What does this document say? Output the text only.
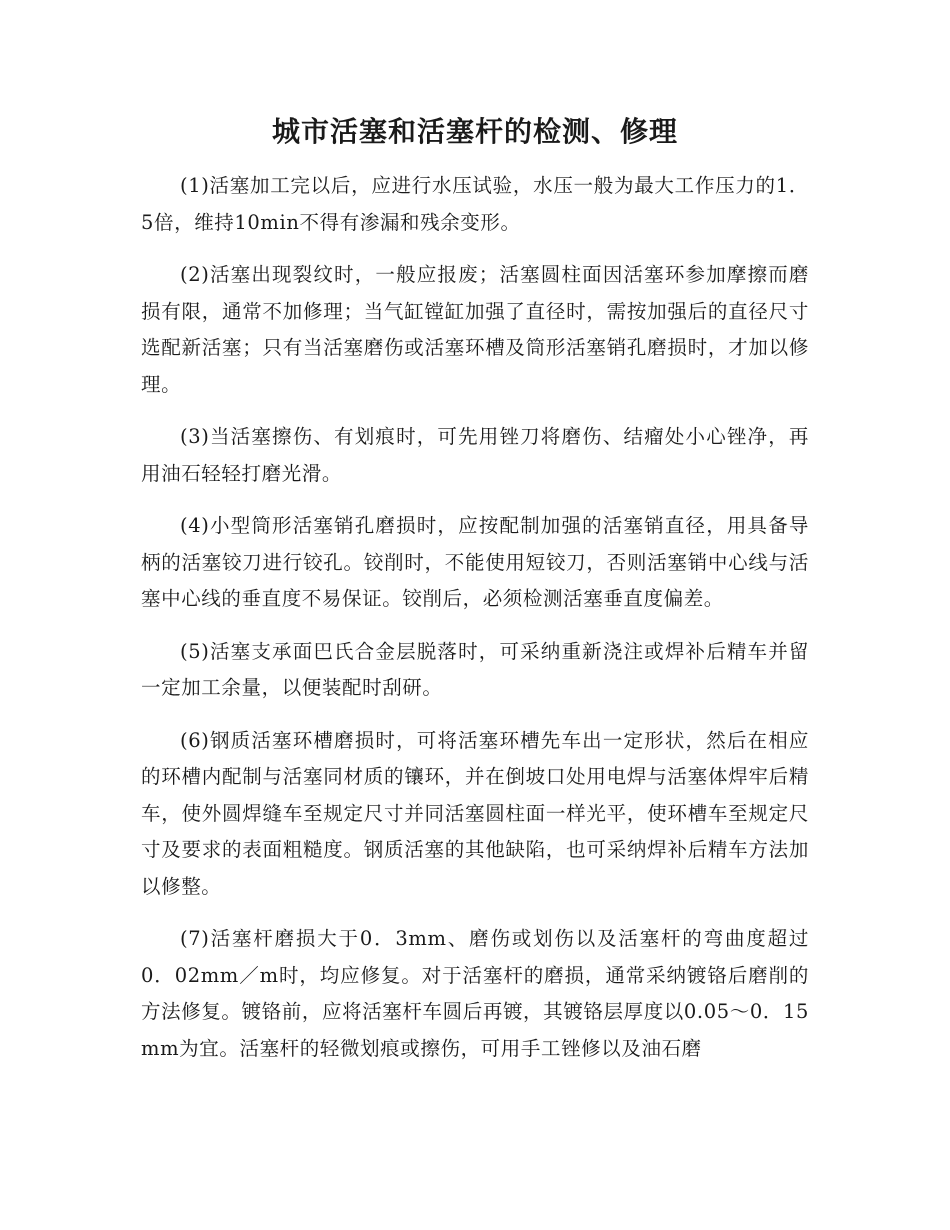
城市活塞和活塞杆的检测、修理

(1)活塞加工完以后，应进行水压试验，水压一般为最大工作压力的1．5倍，维持10min不得有渗漏和残余变形。

(2)活塞出现裂纹时，一般应报废；活塞圆柱面因活塞环参加摩擦而磨损有限，通常不加修理；当气缸镗缸加强了直径时，需按加强后的直径尺寸选配新活塞；只有当活塞磨伤或活塞环槽及筒形活塞销孔磨损时，才加以修理。

(3)当活塞擦伤、有划痕时，可先用锉刀将磨伤、结瘤处小心锉净，再用油石轻轻打磨光滑。

(4)小型筒形活塞销孔磨损时，应按配制加强的活塞销直径，用具备导柄的活塞铰刀进行铰孔。铰削时，不能使用短铰刀，否则活塞销中心线与活塞中心线的垂直度不易保证。铰削后，必须检测活塞垂直度偏差。

(5)活塞支承面巴氏合金层脱落时，可采纳重新浇注或焊补后精车并留一定加工余量，以便装配时刮研。

(6)钢质活塞环槽磨损时，可将活塞环槽先车出一定形状，然后在相应的环槽内配制与活塞同材质的镶环，并在倒坡口处用电焊与活塞体焊牢后精车，使外圆焊缝车至规定尺寸并同活塞圆柱面一样光平，使环槽车至规定尺寸及要求的表面粗糙度。钢质活塞的其他缺陷，也可采纳焊补后精车方法加以修整。

(7)活塞杆磨损大于0．3mm、磨伤或划伤以及活塞杆的弯曲度超过0．02mm／m时，均应修复。对于活塞杆的磨损，通常采纳镀铬后磨削的方法修复。镀铬前，应将活塞杆车圆后再镀，其镀铬层厚度以0.05～0．15mm为宜。活塞杆的轻微划痕或擦伤，可用手工锉修以及油石磨
